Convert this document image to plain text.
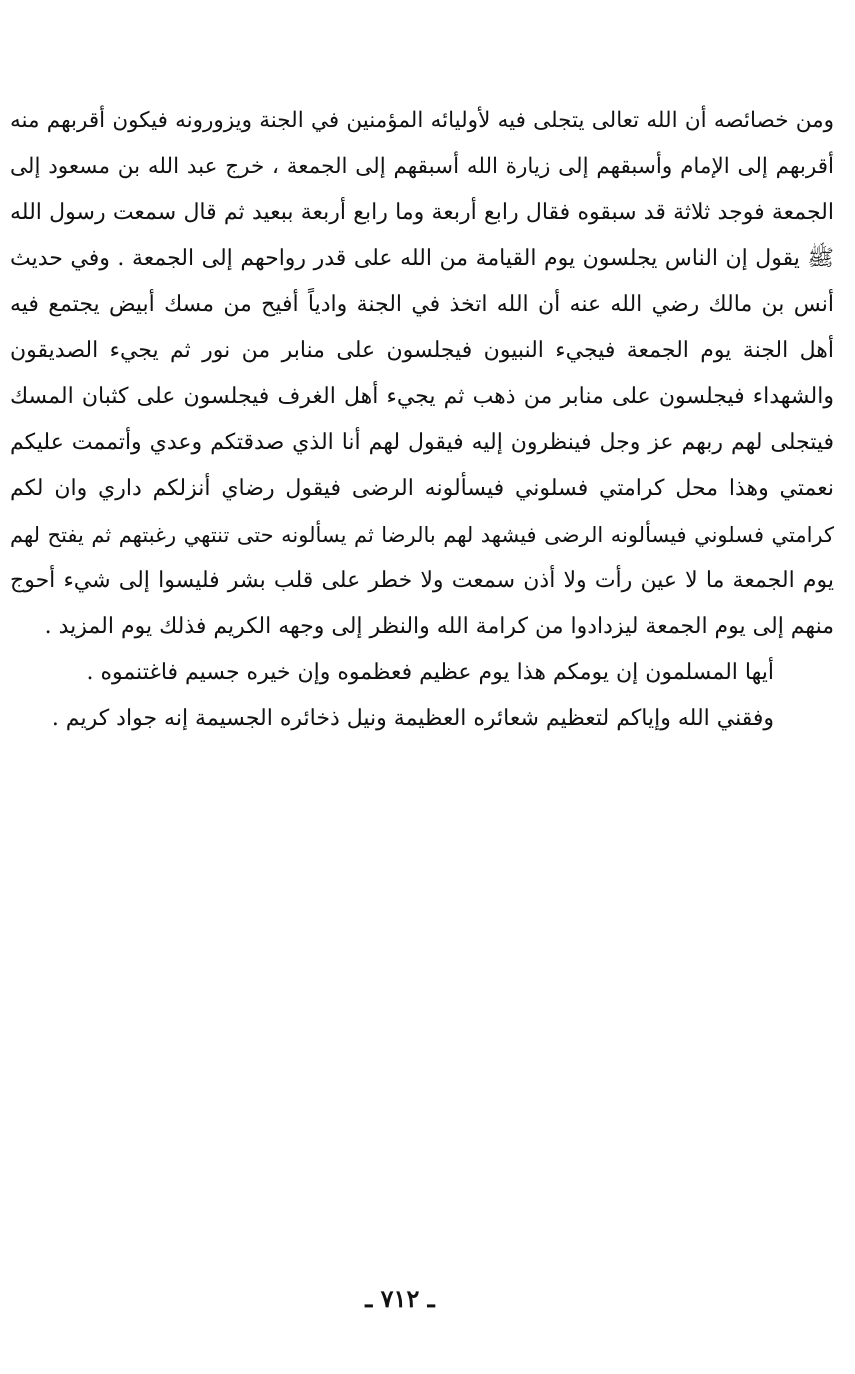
ومن خصائصه أن الله تعالى يتجلى فيه لأوليائه المؤمنين في الجنة ويزورونه فيكون أقربهم منه
أقربهم إلى الإمام وأسبقهم إلى زيارة الله أسبقهم إلى الجمعة ، خرج عبد الله بن مسعود إلى
الجمعة فوجد ثلاثة قد سبقوه فقال رابع أربعة وما رابع أربعة ببعيد ثم قال سمعت رسول الله
ﷺ يقول إن الناس يجلسون يوم القيامة من الله على قدر رواحهم إلى الجمعة . وفي حديث
أنس بن مالك رضي الله عنه أن الله اتخذ في الجنة وادياً أفيح من مسك أبيض يجتمع فيه
أهل الجنة يوم الجمعة فيجيء النبيون فيجلسون على منابر من نور ثم يجيء الصديقون
والشهداء فيجلسون على منابر من ذهب ثم يجيء أهل الغرف فيجلسون على كثبان المسك
فيتجلى لهم ربهم عز وجل فينظرون إليه فيقول لهم أنا الذي صدقتكم وعدي وأتممت عليكم
نعمتي وهذا محل كرامتي فسلوني فيسألونه الرضى فيقول رضاي أنزلكم داري وان لكم
كرامتي فسلوني فيسألونه الرضى فيشهد لهم بالرضا ثم يسألونه حتى تنتهي رغبتهم ثم يفتح لهم
يوم الجمعة ما لا عين رأت ولا أذن سمعت ولا خطر على قلب بشر فليسوا إلى شيء أحوج
منهم إلى يوم الجمعة ليزدادوا من كرامة الله والنظر إلى وجهه الكريم فذلك يوم المزيد .
أيها المسلمون إن يومكم هذا يوم عظيم فعظموه وإن خيره جسيم فاغتنموه .
وفقني الله وإياكم لتعظيم شعائره العظيمة ونيل ذخائره الجسيمة إنه جواد كريم .
ـ ٧١٢ ـ
